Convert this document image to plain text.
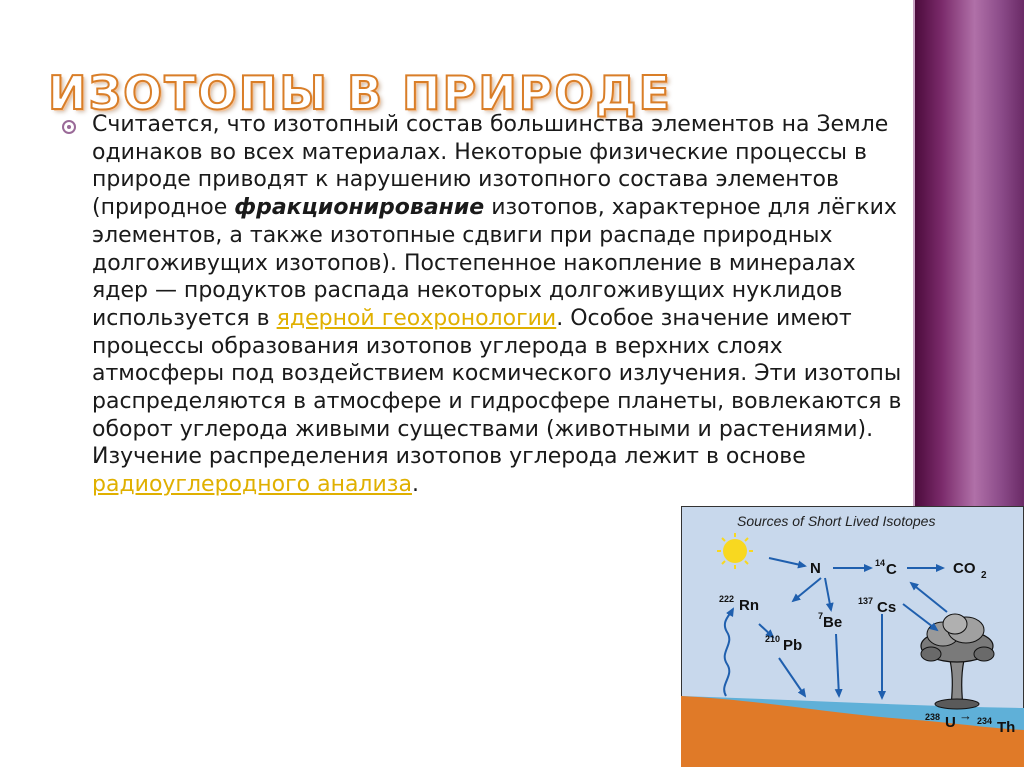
ИЗОТОПЫ В ПРИРОДЕ

Считается, что изотопный состав большинства элементов на Земле одинаков во всех материалах. Некоторые физические процессы в природе приводят к нарушению изотопного состава элементов (природное фракционирование изотопов, характерное для лёгких элементов, а также изотопные сдвиги при распаде природных долгоживущих изотопов). Постепенное накопление в минералах ядер — продуктов распада некоторых долгоживущих нуклидов используется в ядерной геохронологии. Особое значение имеют процессы образования изотопов углерода в верхних слоях атмосферы под воздействием космического излучения. Эти изотопы распределяются в атмосфере и гидросфере планеты, вовлекаются в оборот углерода живыми существами (животными и растениями). Изучение распределения изотопов углерода лежит в основе радиоуглеродного анализа.

Sources of Short Lived Isotopes
N	14 C	CO 2
222 Rn
7 Be
137 Cs
210 Pb
238 U → 234 Th
